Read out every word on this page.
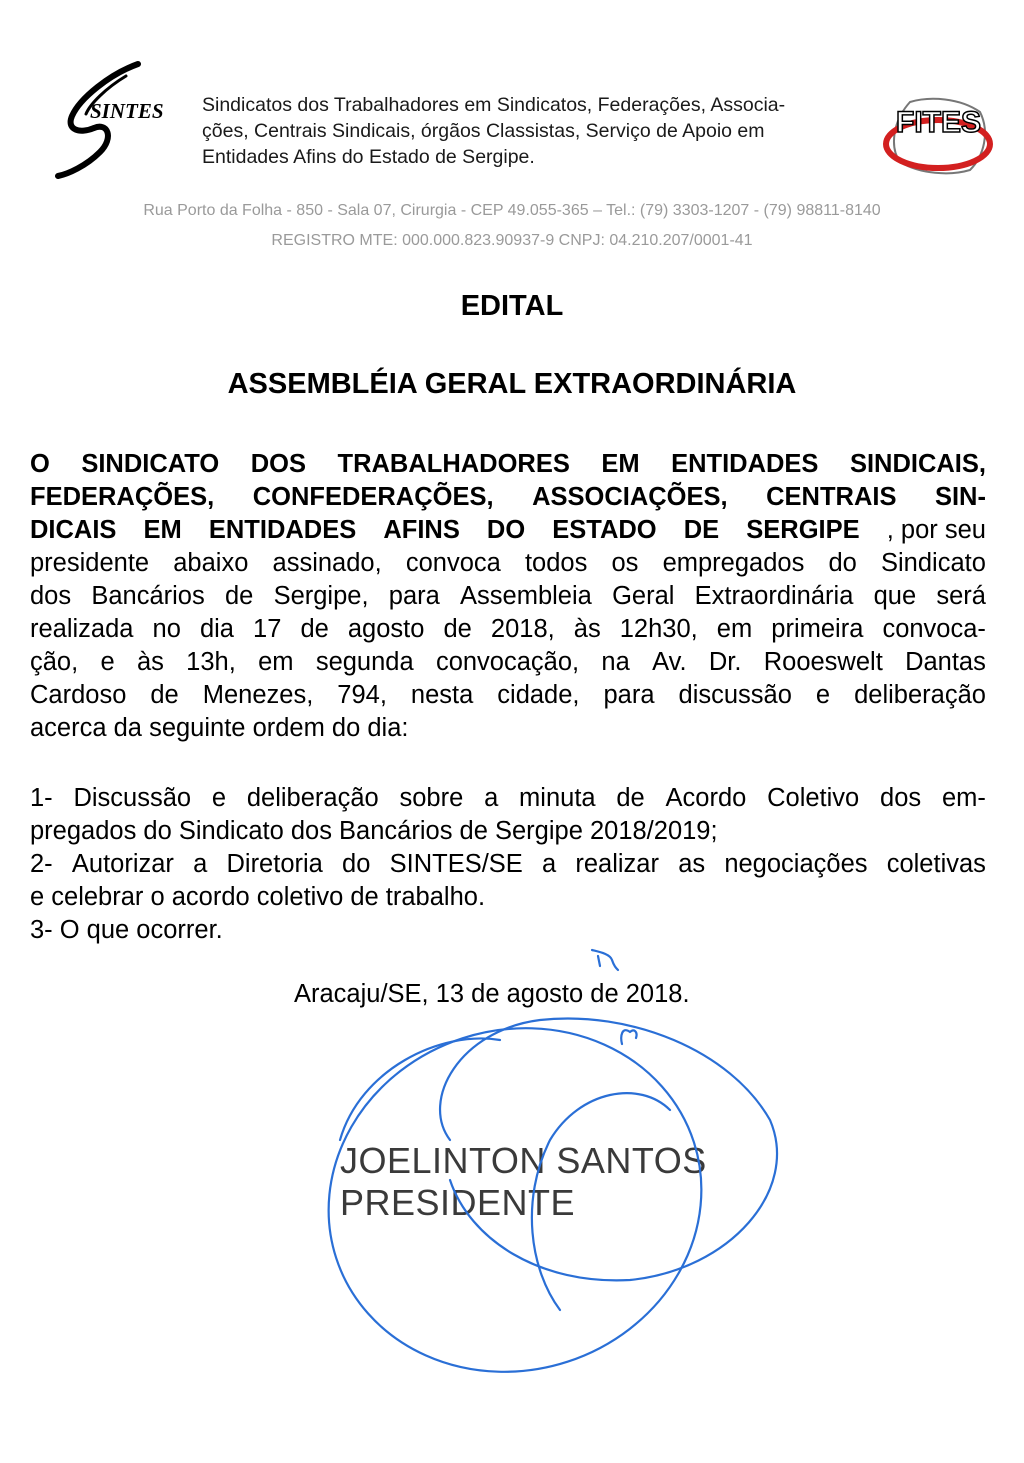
SINTES Sindicatos dos Trabalhadores em Sindicatos, Federações, Associa-
ções, Centrais Sindicais, órgãos Classistas, Serviço de Apoio em
Entidades Afins do Estado de Sergipe.
FITES
Rua Porto da Folha - 850 - Sala 07, Cirurgia - CEP 49.055-365 – Tel.: (79) 3303-1207 - (79) 98811-8140
REGISTRO MTE: 000.000.823.90937-9 CNPJ: 04.210.207/0001-41
EDITAL
ASSEMBLÉIA GERAL EXTRAORDINÁRIA
O SINDICATO DOS TRABALHADORES EM ENTIDADES SINDICAIS,
FEDERAÇÕES, CONFEDERAÇÕES, ASSOCIAÇÕES, CENTRAIS SIN-
DICAIS EM ENTIDADES AFINS DO ESTADO DE SERGIPE , por seu
presidente abaixo assinado, convoca todos os empregados do Sindicato
dos Bancários de Sergipe, para Assembleia Geral Extraordinária que será
realizada no dia 17 de agosto de 2018, às 12h30, em primeira convoca-
ção, e às 13h, em segunda convocação, na Av. Dr. Rooeswelt Dantas
Cardoso de Menezes, 794, nesta cidade, para discussão e deliberação
acerca da seguinte ordem do dia:
1- Discussão e deliberação sobre a minuta de Acordo Coletivo dos em-
pregados do Sindicato dos Bancários de Sergipe 2018/2019;
2- Autorizar a Diretoria do SINTES/SE a realizar as negociações coletivas
e celebrar o acordo coletivo de trabalho.
3- O que ocorrer.
Aracaju/SE, 13 de agosto de 2018.
JOELINTON SANTOS
PRESIDENTE
